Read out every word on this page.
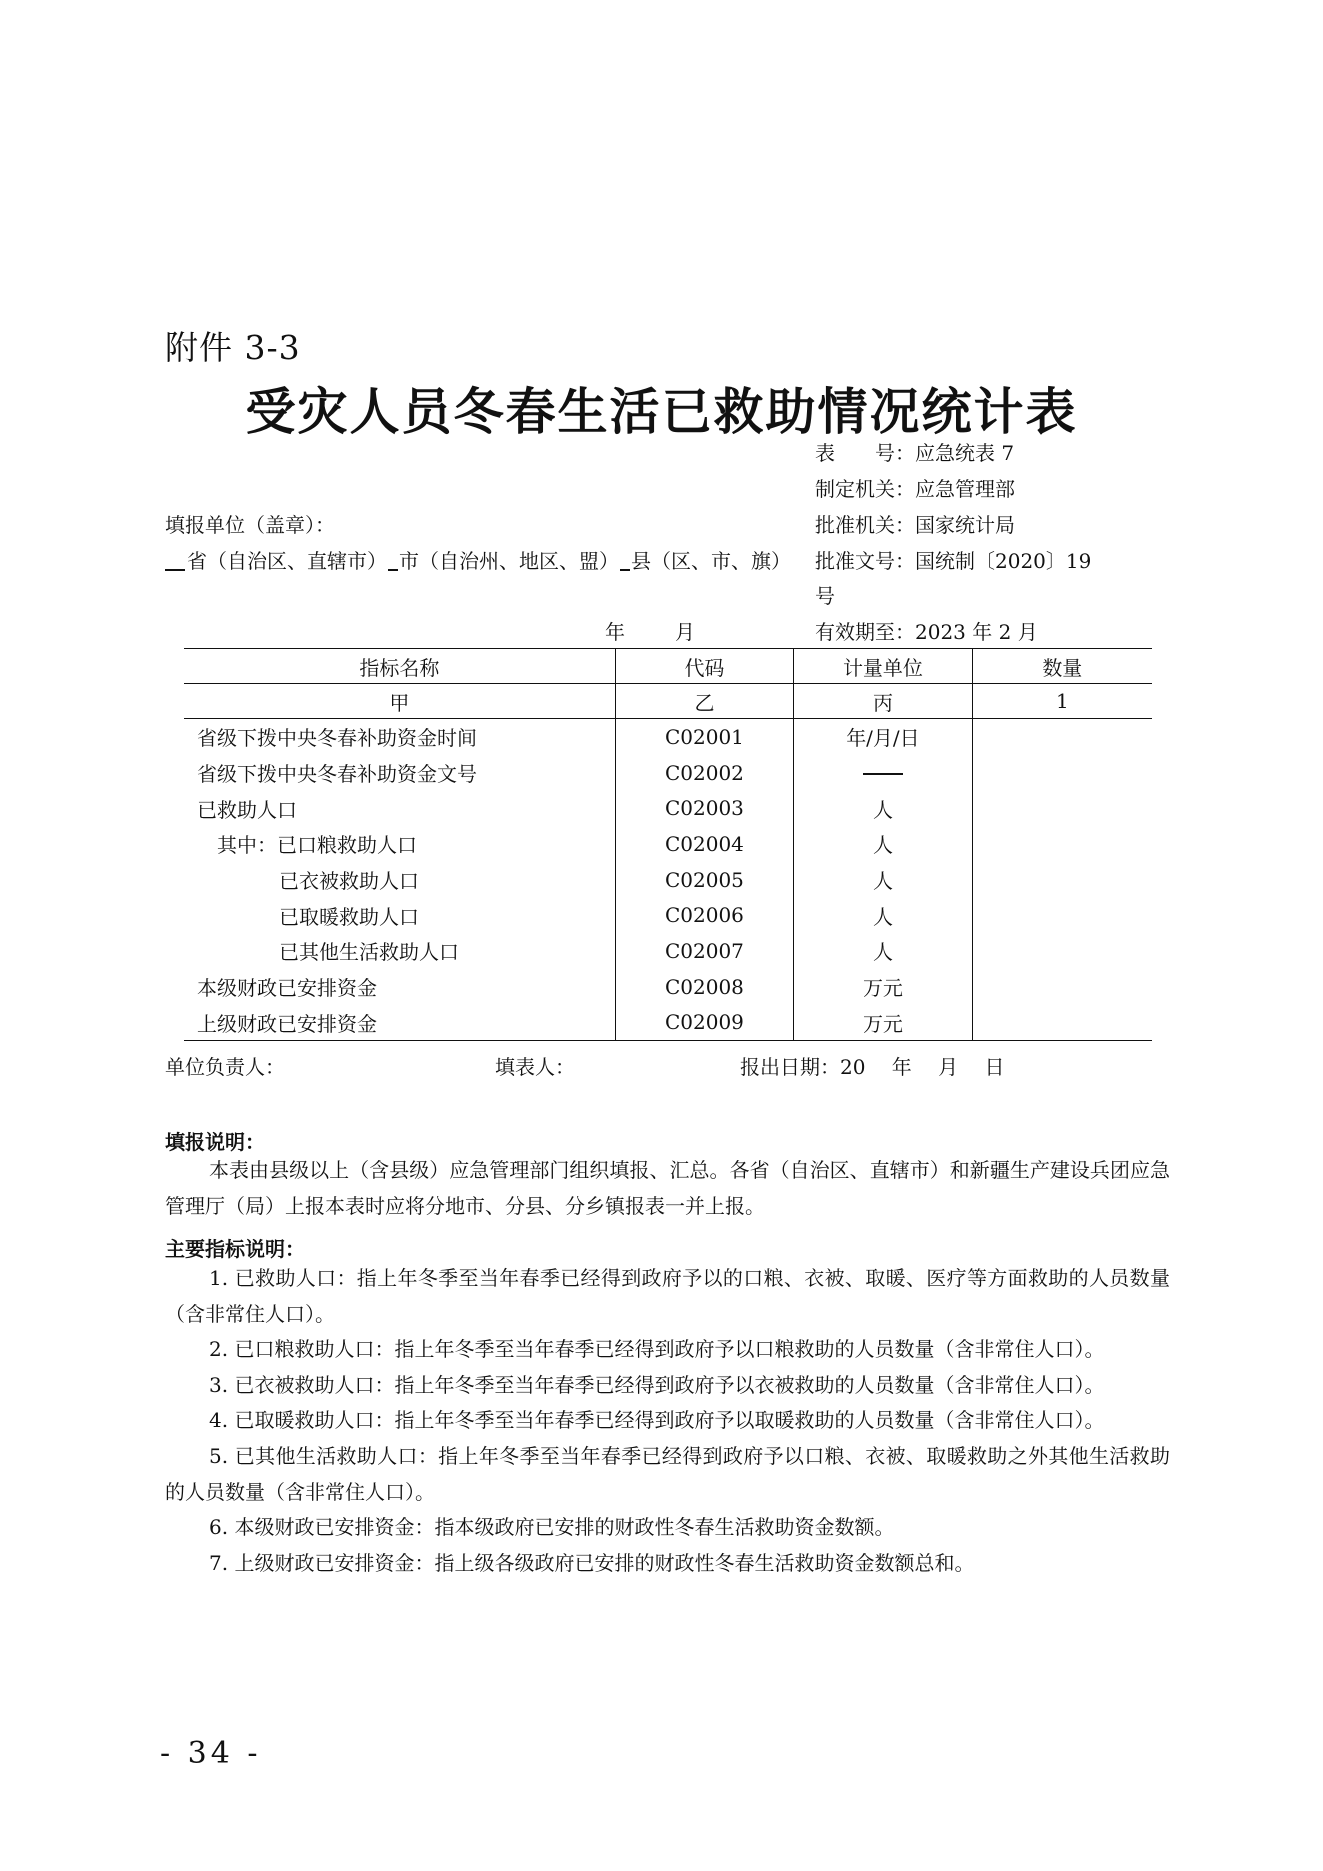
附件 3-3
受灾人员冬春生活已救助情况统计表
表　　号：应急统表 7
制定机关：应急管理部
批准机关：国家统计局
批准文号：国统制〔2020〕19
号
有效期至：2023 年 2 月
填报单位（盖章）：
省（自治区、直辖市） 市（自治州、地区、盟） 县（区、市、旗）
年	月
指标名称	代码	计量单位	数量
甲	乙	丙	1
省级下拨中央冬春补助资金时间	C02001	年/月/日	
省级下拨中央冬春补助资金文号	C02002		
已救助人口	C02003	人	
其中：已口粮救助人口	C02004	人	
已衣被救助人口	C02005	人	
已取暖救助人口	C02006	人	
已其他生活救助人口	C02007	人	
本级财政已安排资金	C02008	万元	
上级财政已安排资金	C02009	万元	
单位负责人：	填表人：	报出日期：20　 年　 月　 日
填报说明：
本表由县级以上（含县级）应急管理部门组织填报、汇总。各省（自治区、直辖市）和新疆生产建设兵团应急管理厅（局）上报本表时应将分地市、分县、分乡镇报表一并上报。
主要指标说明：

1. 已救助人口：指上年冬季至当年春季已经得到政府予以的口粮、衣被、取暖、医疗等方面救助的人员数量（含非常住人口）。

2. 已口粮救助人口：指上年冬季至当年春季已经得到政府予以口粮救助的人员数量（含非常住人口）。

3. 已衣被救助人口：指上年冬季至当年春季已经得到政府予以衣被救助的人员数量（含非常住人口）。

4. 已取暖救助人口：指上年冬季至当年春季已经得到政府予以取暖救助的人员数量（含非常住人口）。

5. 已其他生活救助人口：指上年冬季至当年春季已经得到政府予以口粮、衣被、取暖救助之外其他生活救助的人员数量（含非常住人口）。

6. 本级财政已安排资金：指本级政府已安排的财政性冬春生活救助资金数额。

7. 上级财政已安排资金：指上级各级政府已安排的财政性冬春生活救助资金数额总和。

- 34 -
